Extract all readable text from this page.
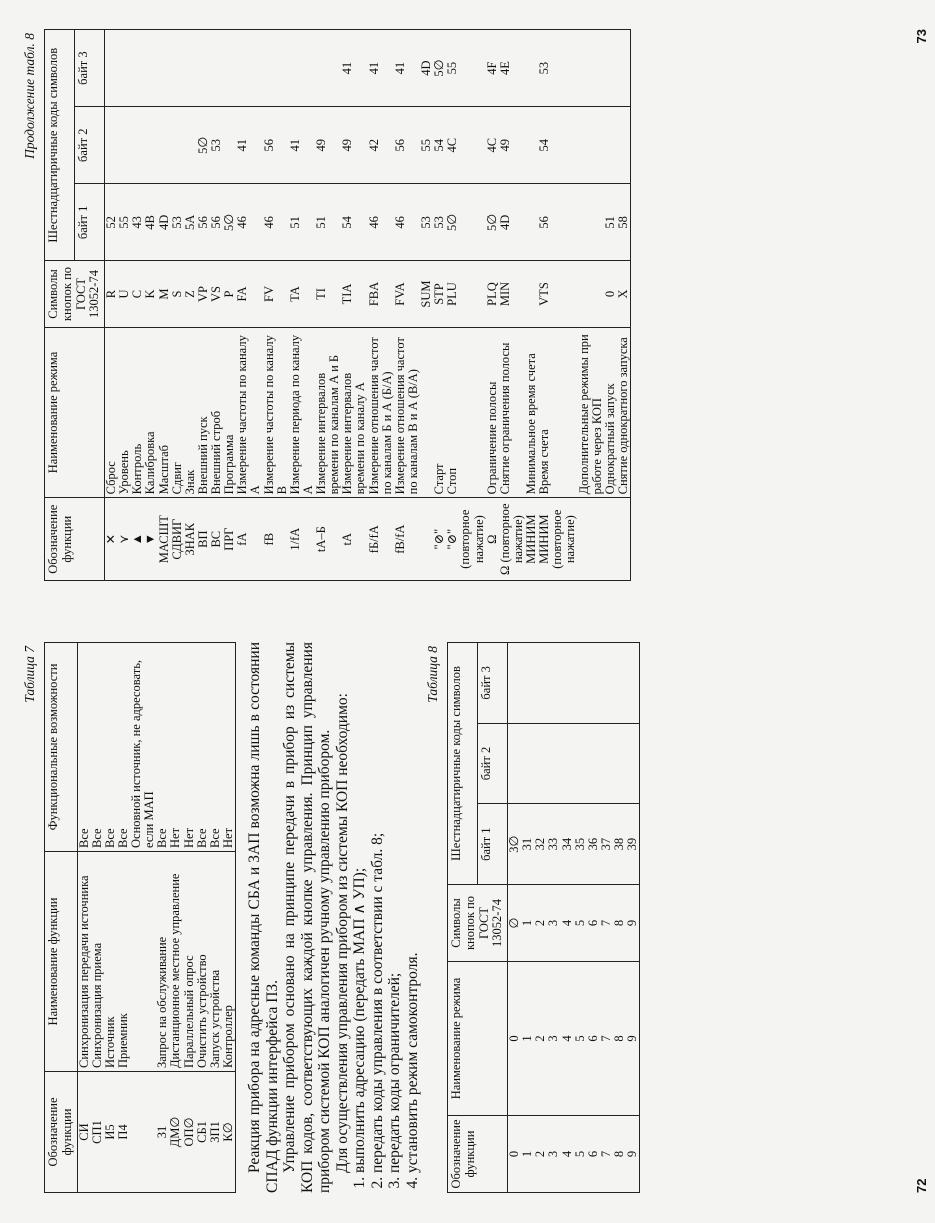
Таблица 7
Обозначение функции	Наименование функции	Функциональные возможности
СИ	Синхронизация передачи источника	Все
СП1	Синхронизация приема	Все
И5	Источник	Все
П4	Приемник	Все
		Основной источник, не адресовать, если МАП
З1	Запрос на обслуживание	Все
ДМ∅	Дистанционное местное управление	Нет
ОП∅	Параллельный опрос	Нет
СБ1	Очистить устройство	Все
ЗП1	Запуск устройства	Все
К∅	Контроллер	Нет Реакция прибора на адресные команды СБА и ЗАП возможна лишь в состоянии СПАД функции интерфейса ПЗ. Управление прибором основано на принципе передачи в прибор из системы КОП кодов, соответствующих каждой кнопке управления. Принцип управления прибором системой КОП аналогичен ручному управлению прибором. Для осуществления управления прибором из системы КОП необходимо: 1. выполнить адресацию (передать МАП ∧ УП); 2. передать коды управления в соответствии с табл. 8; 3. передать коды ограничителей; 4. установить режим самоконтроля.
Таблица 8
Обозначение функции	Наименование режима	Символы кнопок по ГОСТ 13052-74	Шестнадцатиричные коды символов		
			байт 1	байт 2	байт 3
0	0	∅	3∅		
1	1	1	31		
2	2	2	32		
3	3	3	33		
4	4	4	34		
5	5	5	35		
6	6	6	36		
7	7	7	37		
8	8	8	38		
9	9	9	39		
72
Продолжение табл. 8
Обозначение функции	Наименование режима	Символы кнопок по ГОСТ 13052-74	Шестнадцатиричные коды символов		
			байт 1	байт 2	байт 3
✕	Сброс	R	52		
⋎	Уровень	U	55		
▲	Контроль	C	43		
▼	Калибровка	K	4B		
МАСШТ	Масштаб	M	4D		
СДВИГ	Сдвиг	S	53		
ЗНАК	Знак	Z	5A		
ВП	Внешний пуск	VP	56	5∅	
ВС	Внешний строб	VS	56	53	
ПРГ	Программа	P	5∅		
fA	Измерение частоты по каналу А	FA	46	41	
fB	Измерение частоты по каналу В	FV	46	56	
1/fA	Измерение периода по каналу А	TA	51	41	
tA–Б	Измерение интервалов времени по каналам А и Б	TI	51	49	
tA	Измерение интервалов времени по каналу А	TIA	54	49	41
fБ/fA	Измерение отношения частот по каналам Б и А (Б/А)	FBA	46	42	41
fB/fA	Измерение отношения частот по каналам В и А (В/А)	FVA	46	56	41
		SUM	53	55	4D
"⊘"	Старт	STP	53	54	5∅
"⊘" (повторное нажатие)	Стоп	PLU	5∅	4C	55
Ω	Ограничение полосы	PLQ	5∅	4C	4F
Ω (повторное нажатие)	Снятие ограничения полосы	MIN	4D	49	4E
МИНИМ	Минимальное время счета				
МИНИМ (повторное нажатие)	Время счета	VTS	56	54	53
	Дополнительные режимы при работе через КОП				
	Однократный запуск	0	51		
	Снятие однократного запуска	X	58		
73
